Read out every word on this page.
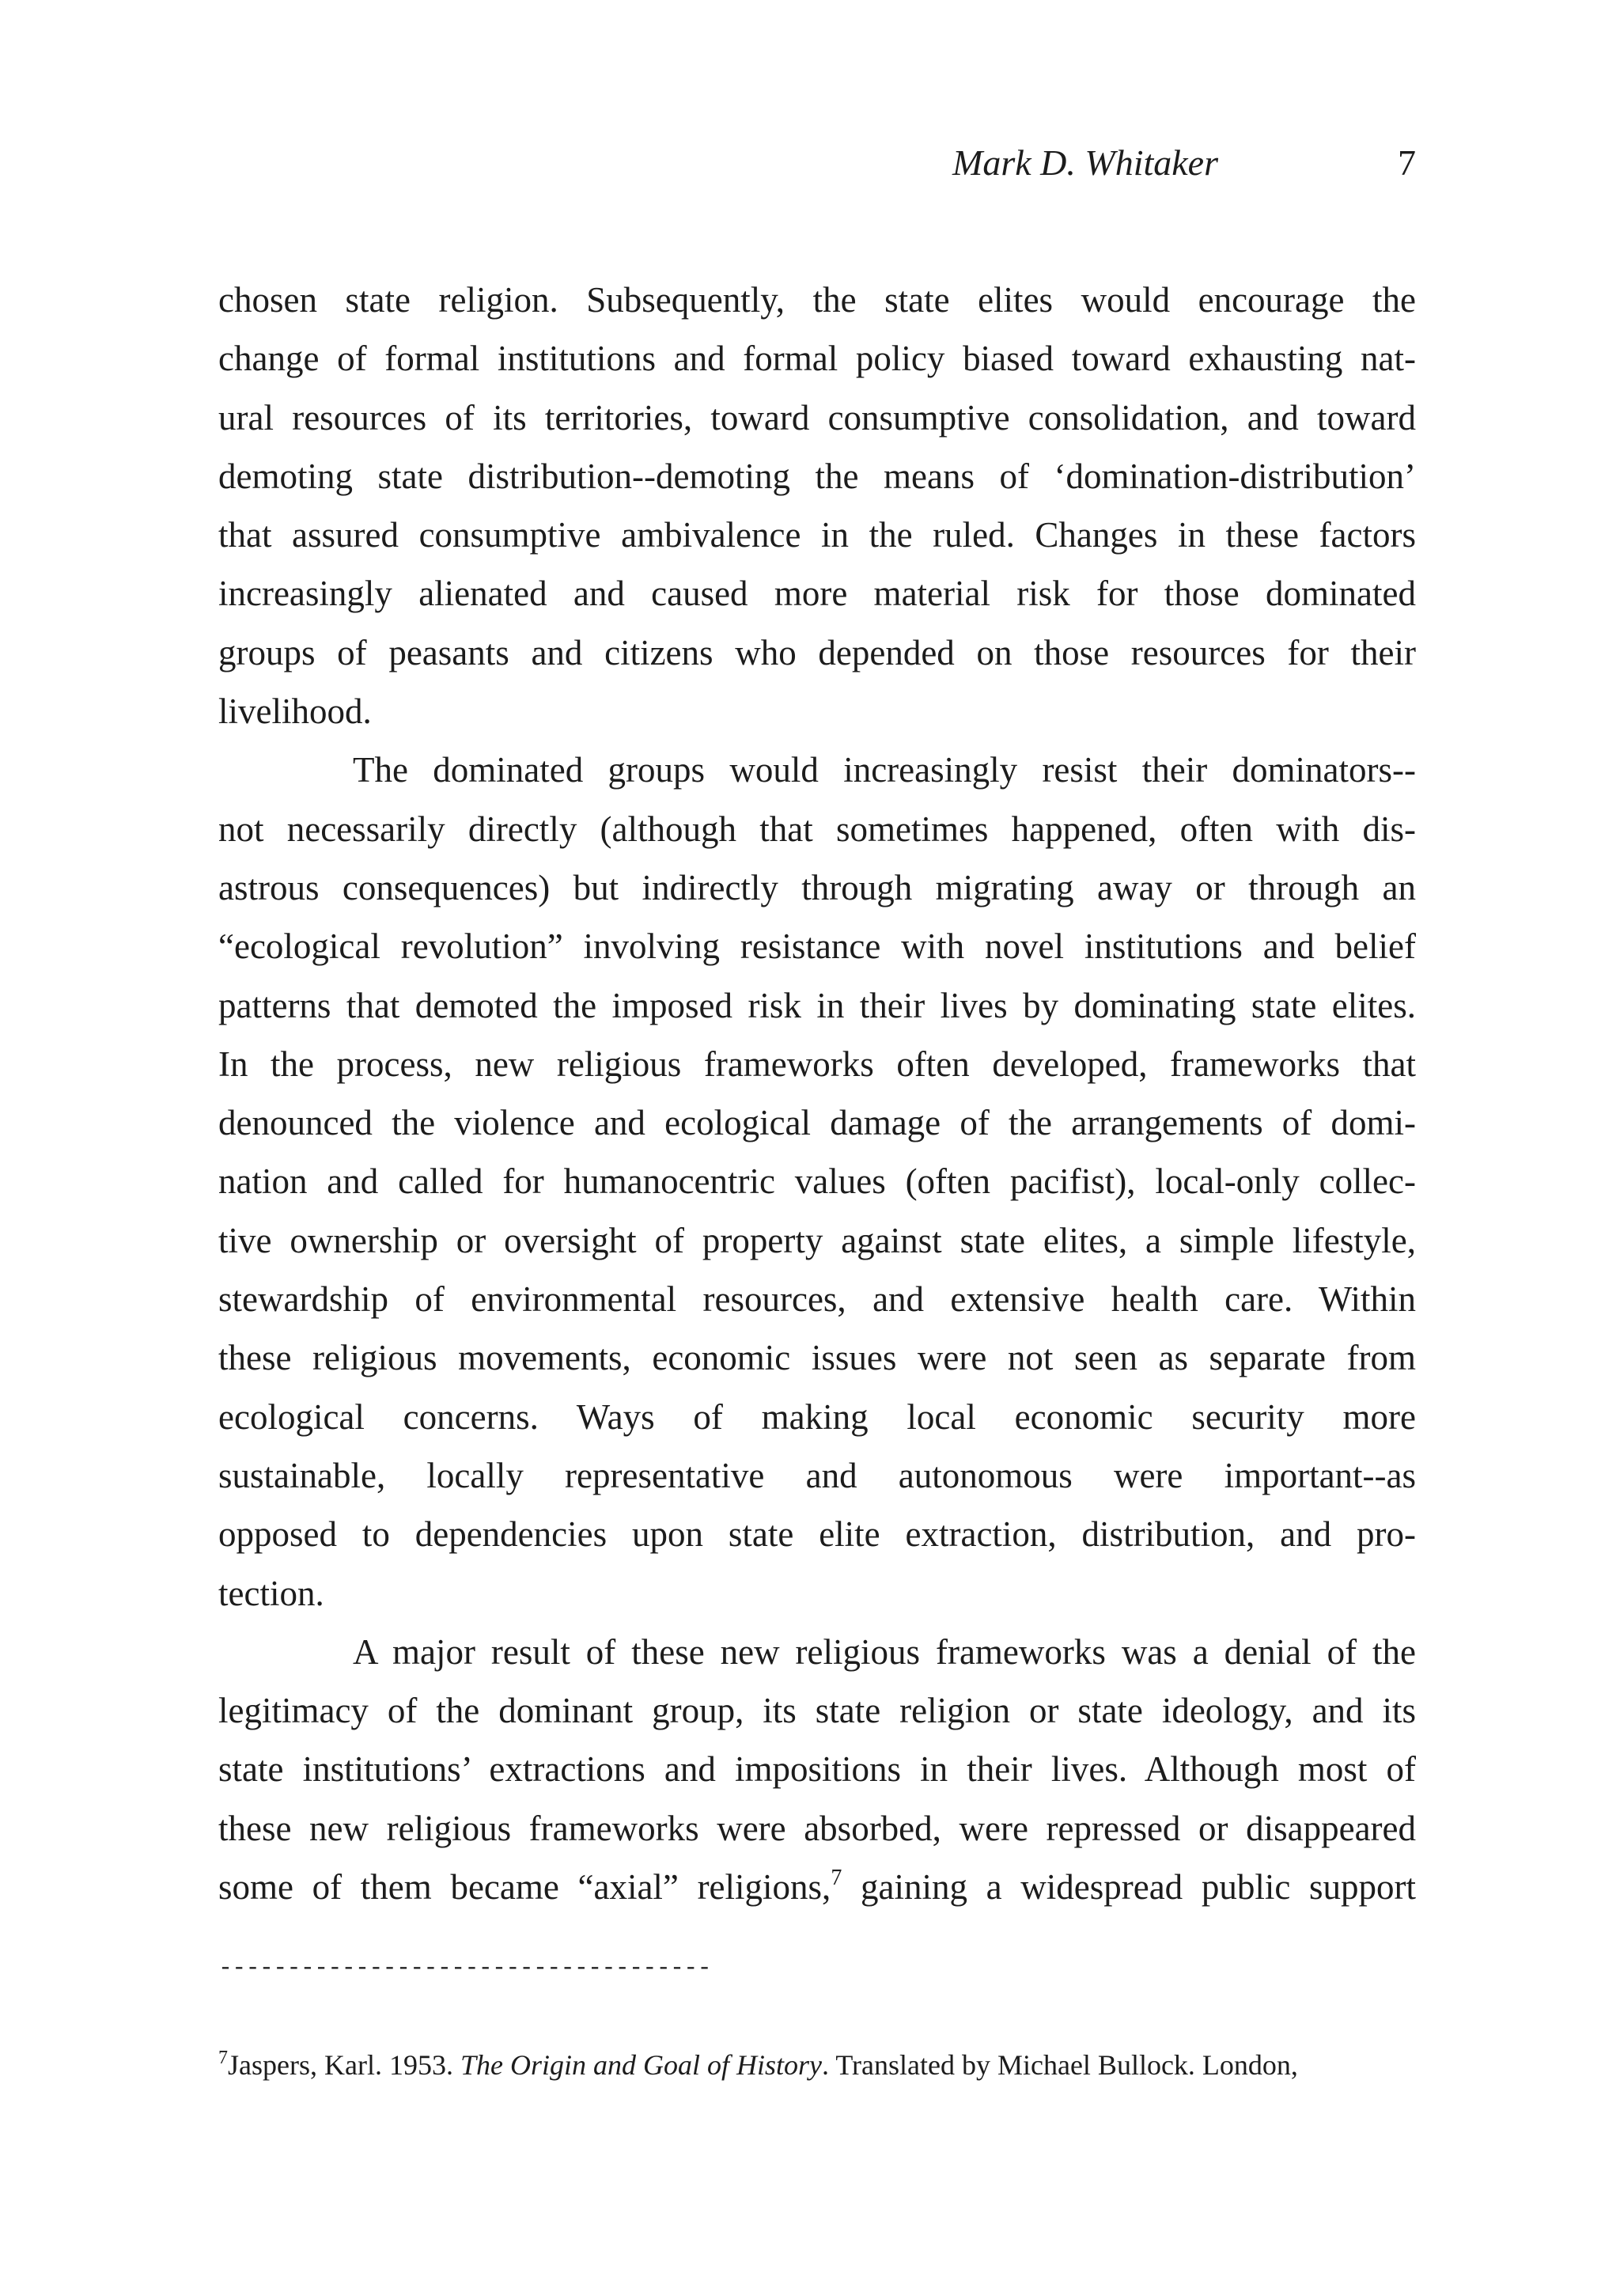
Mark D. Whitaker	7
chosen state religion. Subsequently, the state elites would encourage the
change of formal institutions and formal policy biased toward exhausting nat-
ural resources of its territories, toward consumptive consolidation, and toward
demoting state distribution--demoting the means of ‘domination-distribution’
that assured consumptive ambivalence in the ruled. Changes in these factors
increasingly alienated and caused more material risk for those dominated
groups of peasants and citizens who depended on those resources for their
livelihood.
The dominated groups would increasingly resist their dominators--
not necessarily directly (although that sometimes happened, often with dis-
astrous consequences) but indirectly through migrating away or through an
“ecological revolution” involving resistance with novel institutions and belief
patterns that demoted the imposed risk in their lives by dominating state elites.
In the process, new religious frameworks often developed, frameworks that
denounced the violence and ecological damage of the arrangements of domi-
nation and called for humanocentric values (often pacifist), local-only collec-
tive ownership or oversight of property against state elites, a simple lifestyle,
stewardship of environmental resources, and extensive health care. Within
these religious movements, economic issues were not seen as separate from
ecological concerns. Ways of making local economic security more
sustainable, locally representative and autonomous were important--as
opposed to dependencies upon state elite extraction, distribution, and pro-
tection.
A major result of these new religious frameworks was a denial of the
legitimacy of the dominant group, its state religion or state ideology, and its
state institutions’ extractions and impositions in their lives. Although most of
these new religious frameworks were absorbed, were repressed or disappeared
some of them became “axial” religions,$^7$ gaining a widespread public support
------------------------------------
$^7$Jaspers, Karl. 1953. The Origin and Goal of History. Translated by Michael Bullock. London,
